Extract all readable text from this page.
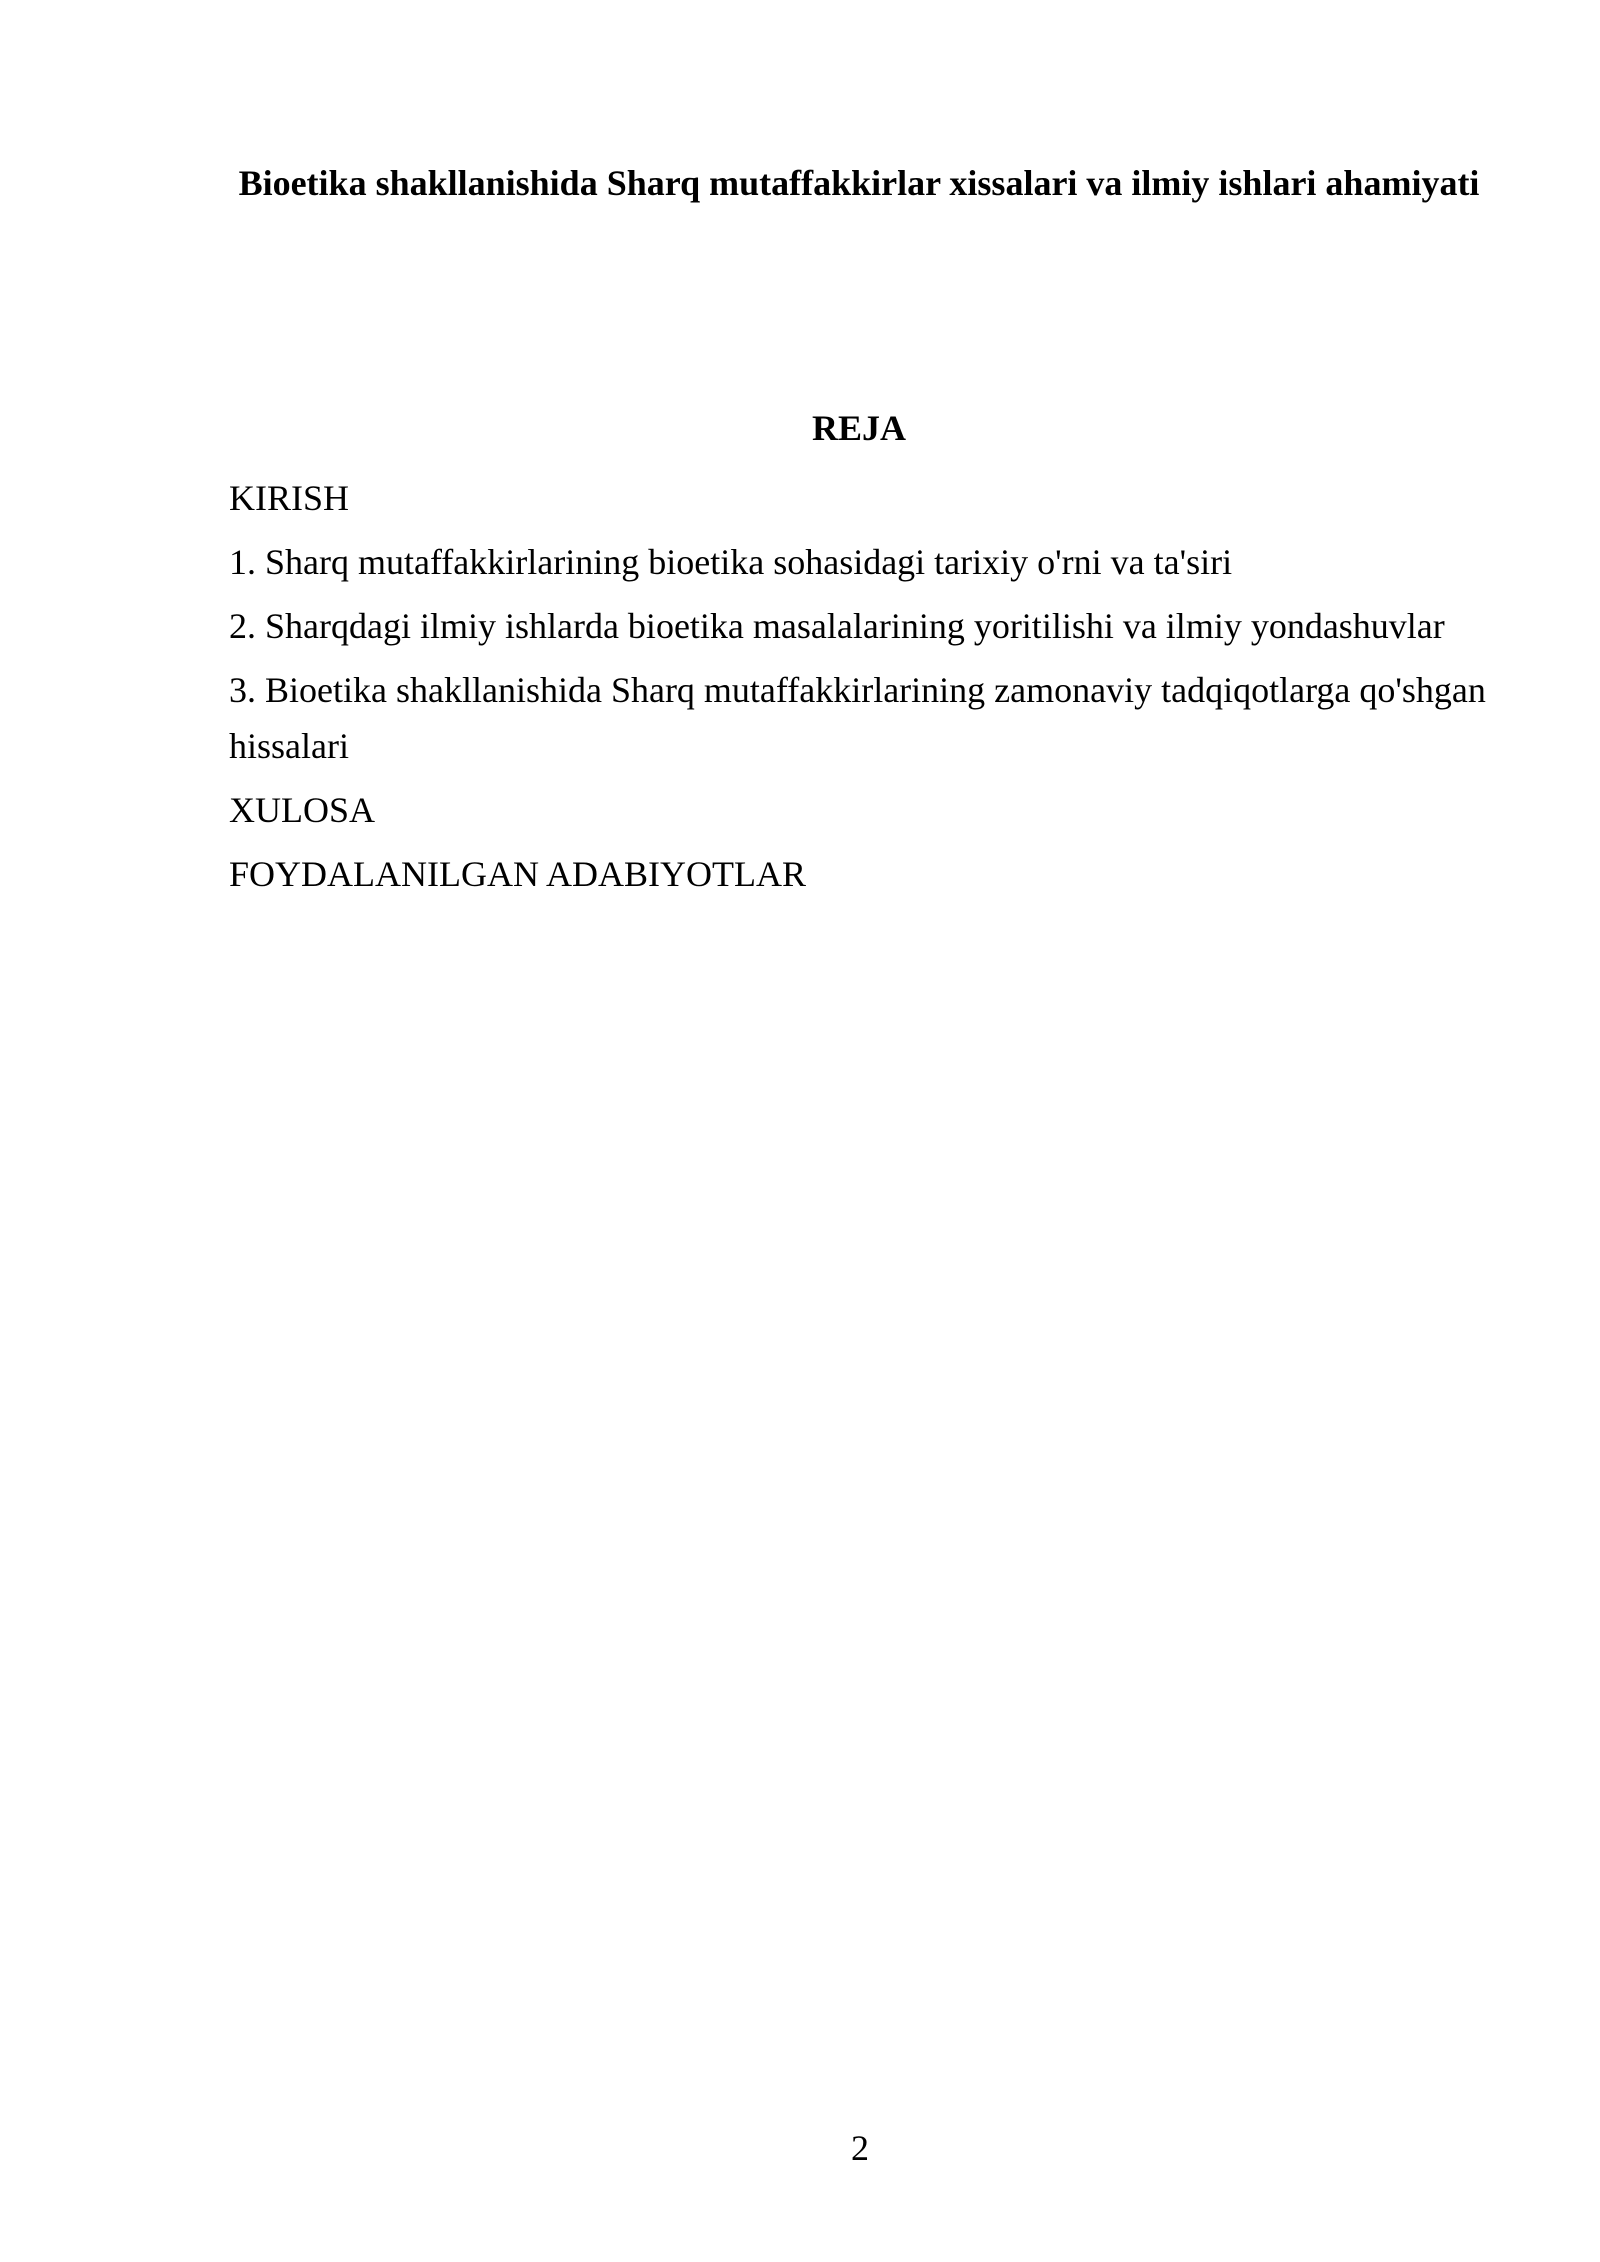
Bioetika shakllanishida Sharq mutaffakkirlar xissalari va ilmiy ishlari ahamiyati
REJA
KIRISH
1. Sharq mutaffakkirlarining bioetika sohasidagi tarixiy o'rni va ta'siri
2. Sharqdagi ilmiy ishlarda bioetika masalalarining yoritilishi va ilmiy yondashuvlar
3. Bioetika shakllanishida Sharq mutaffakkirlarining zamonaviy tadqiqotlarga qo'shgan hissalari
XULOSA
FOYDALANILGAN ADABIYOTLAR
2
